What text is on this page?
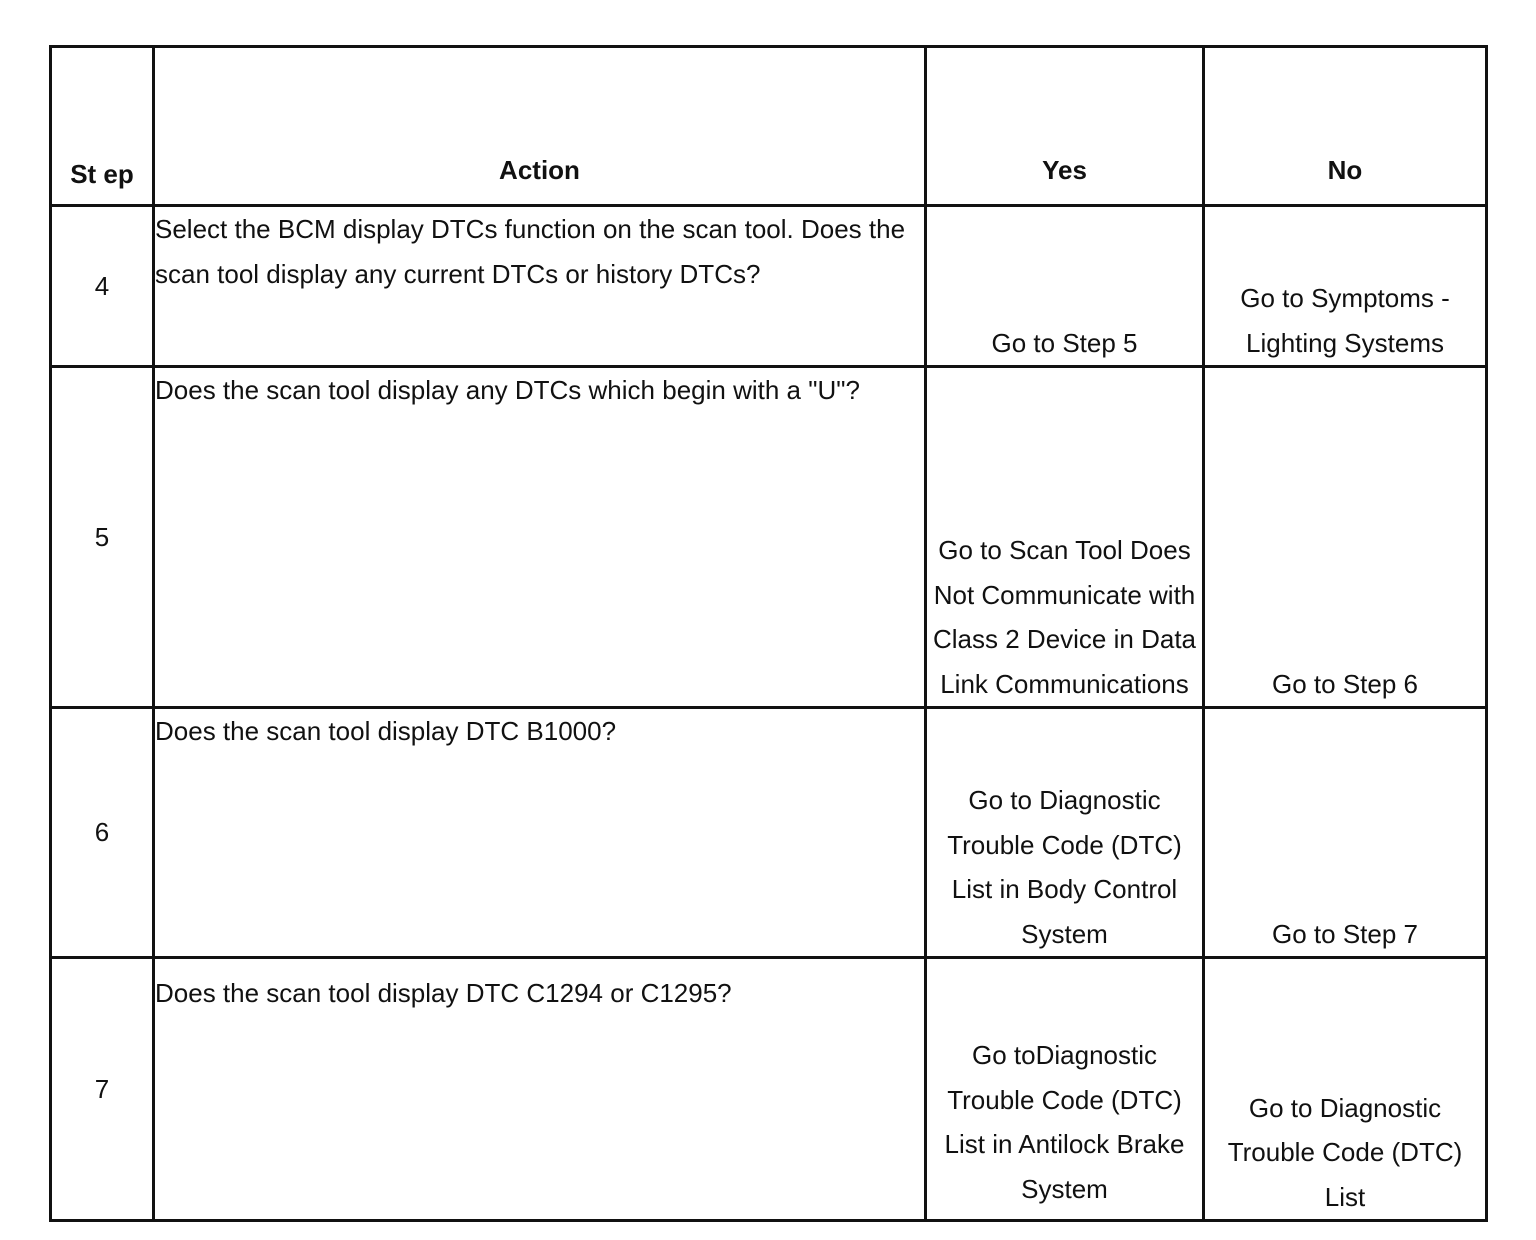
St ep	Action	Yes	No
4	Select the BCM display DTCs function on the scan tool. Does the scan tool display any current DTCs or history DTCs?	Go to Step 5	Go to Symptoms - Lighting Systems
5	Does the scan tool display any DTCs which begin with a "U"?	Go to Scan Tool Does Not Communicate with Class 2 Device in Data Link Communications	Go to Step 6
6	Does the scan tool display DTC B1000?	Go to Diagnostic Trouble Code (DTC) List in Body Control System	Go to Step 7
7	Does the scan tool display DTC C1294 or C1295?	Go toDiagnostic Trouble Code (DTC) List in Antilock Brake System	Go to Diagnostic Trouble Code (DTC) List
